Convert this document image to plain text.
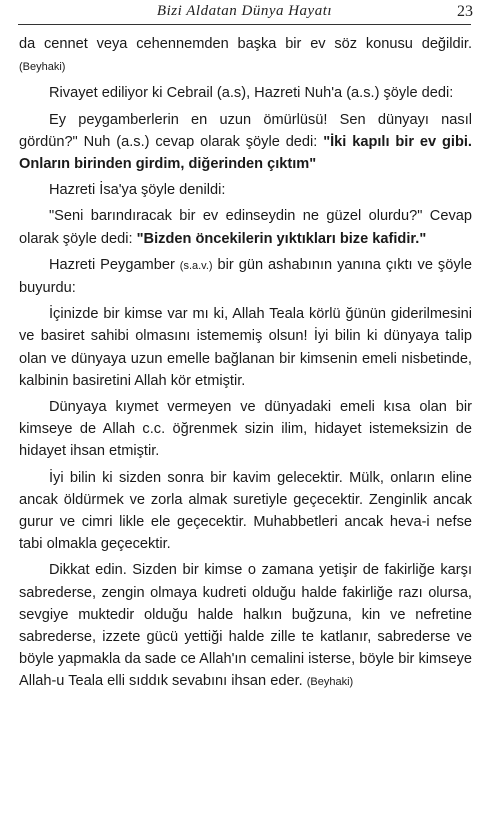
Bizi Aldatan Dünya Hayatı	23

da cennet veya cehennemden başka bir ev söz konusu değildir. (Beyhaki)

Rivayet ediliyor ki Cebrail (a.s), Hazreti Nuh'a (a.s.) şöyle dedi:

Ey peygamberlerin en uzun ömürlüsü! Sen dünyayı nasıl gördün?" Nuh (a.s.) cevap olarak şöyle dedi: "İki kapılı bir ev gibi. Onların birinden girdim, diğerinden çıktım"

Hazreti İsa'ya şöyle denildi:

"Seni barındıracak bir ev edinseydin ne güzel olurdu?" Cevap olarak şöyle dedi: "Bizden öncekilerin yıktıkları bize kafidir."

Hazreti Peygamber (s.a.v.) bir gün ashabının yanına çıktı ve şöyle buyurdu:

İçinizde bir kimse var mı ki, Allah Teala körlü ğünün giderilmesini ve basiret sahibi olmasını istememiş olsun! İyi bilin ki dünyaya talip olan ve dünyaya uzun emelle bağlanan bir kimsenin emeli nisbetinde, kalbinin basiretini Allah kör etmiştir.

Dünyaya kıymet vermeyen ve dünyadaki emeli kısa olan bir kimseye de Allah c.c. öğrenmek sizin ilim, hidayet istemeksizin de hidayet ihsan etmiştir.

İyi bilin ki sizden sonra bir kavim gelecektir. Mülk, onların eline ancak öldürmek ve zorla almak suretiyle geçecektir. Zenginlik ancak gurur ve cimri likle ele geçecektir. Muhabbetleri ancak heva-i nefse tabi olmakla geçecektir.

Dikkat edin. Sizden bir kimse o zamana yetişir de fakirliğe karşı sabrederse, zengin olmaya kudreti olduğu halde fakirliğe razı olursa, sevgiye muktedir olduğu halde halkın buğzuna, kin ve nefretine sabrederse, izzete gücü yettiği halde zille te katlanır, sabrederse ve böyle yapmakla da sade ce Allah'ın cemalini isterse, böyle bir kimseye Allah-u Teala elli sıddık sevabını ihsan eder. (Beyhaki)
